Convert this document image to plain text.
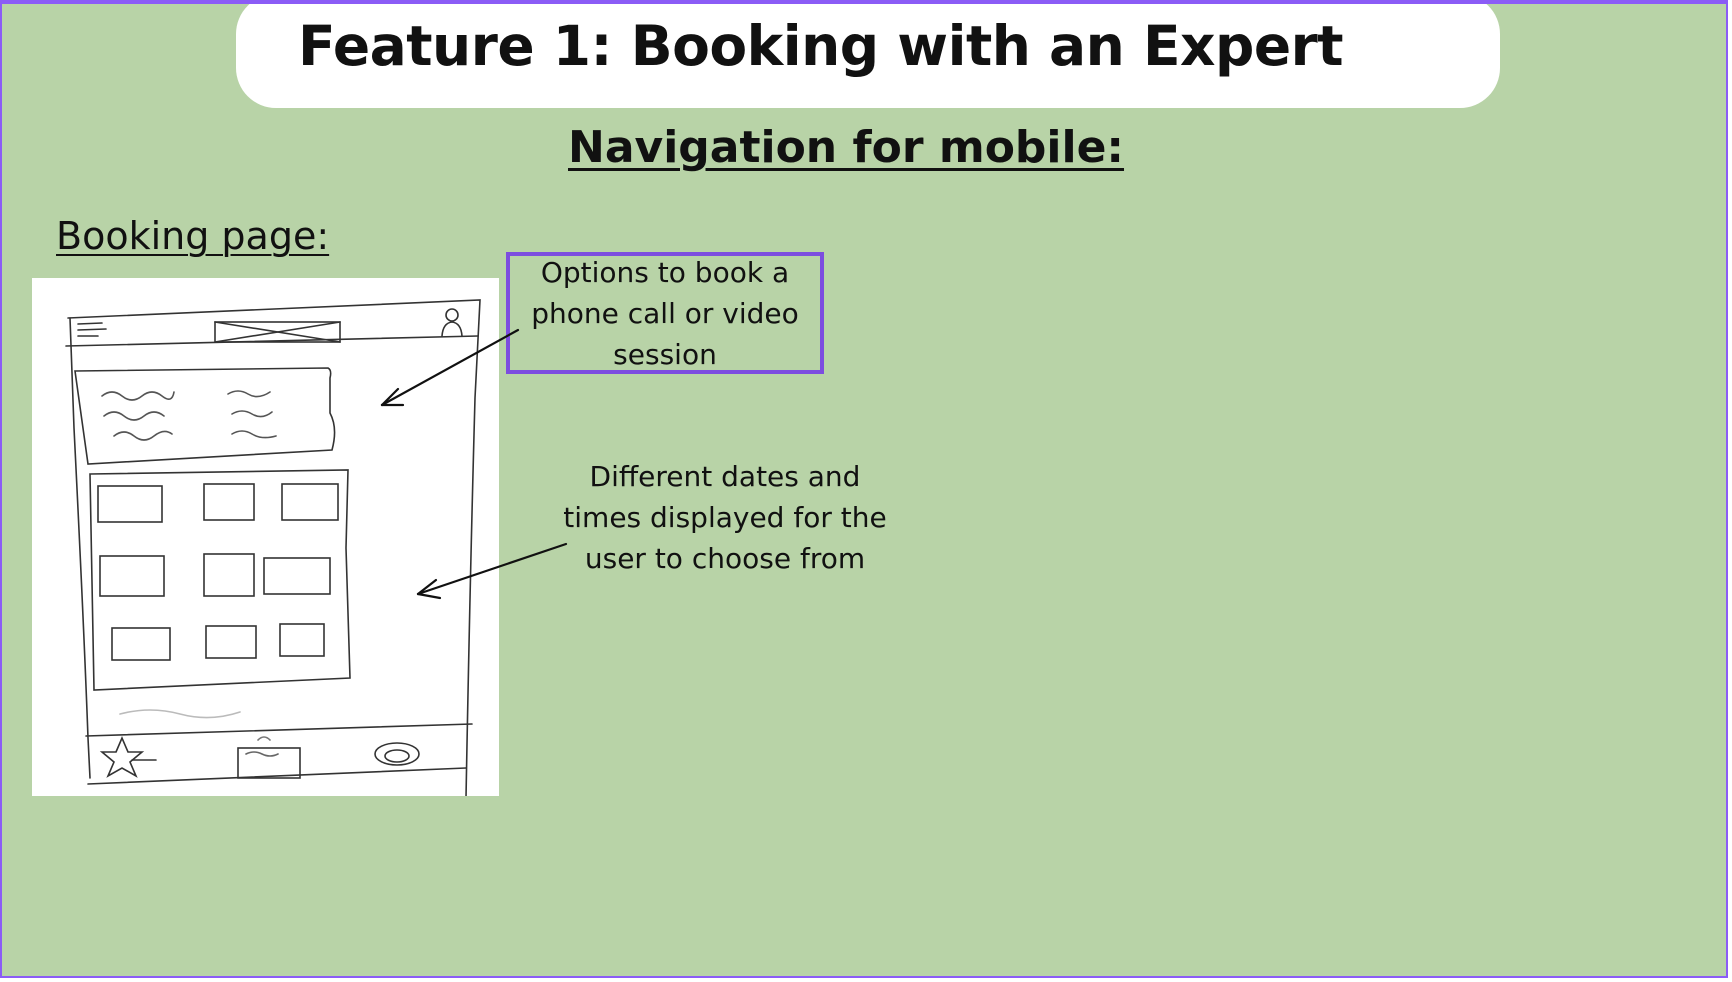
Feature 1: Booking with an Expert
Navigation for mobile:
Booking page:
Options to book a phone call or video session
Different dates and times displayed for the user to choose from
